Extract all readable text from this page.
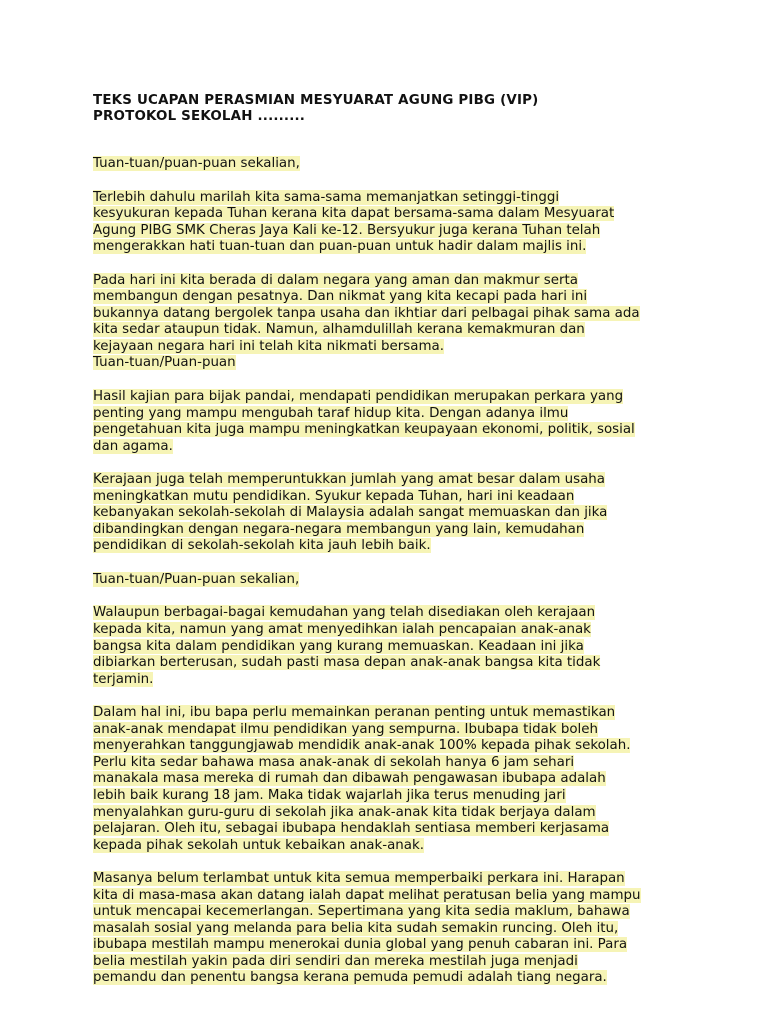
TEKS UCAPAN PERASMIAN MESYUARAT AGUNG PIBG (VIP)
PROTOKOL SEKOLAH .........

Tuan-tuan/puan-puan sekalian,

Terlebih dahulu marilah kita sama-sama memanjatkan setinggi-tinggi
kesyukuran kepada Tuhan kerana kita dapat bersama-sama dalam Mesyuarat
Agung PIBG SMK Cheras Jaya Kali ke-12. Bersyukur juga kerana Tuhan telah
mengerakkan hati tuan-tuan dan puan-puan untuk hadir dalam majlis ini.

Pada hari ini kita berada di dalam negara yang aman dan makmur serta
membangun dengan pesatnya. Dan nikmat yang kita kecapi pada hari ini
bukannya datang bergolek tanpa usaha dan ikhtiar dari pelbagai pihak sama ada
kita sedar ataupun tidak. Namun, alhamdulillah kerana kemakmuran dan
kejayaan negara hari ini telah kita nikmati bersama.

Tuan-tuan/Puan-puan

Hasil kajian para bijak pandai, mendapati pendidikan merupakan perkara yang
penting yang mampu mengubah taraf hidup kita. Dengan adanya ilmu
pengetahuan kita juga mampu meningkatkan keupayaan ekonomi, politik, sosial
dan agama.

Kerajaan juga telah memperuntukkan jumlah yang amat besar dalam usaha
meningkatkan mutu pendidikan. Syukur kepada Tuhan, hari ini keadaan
kebanyakan sekolah-sekolah di Malaysia adalah sangat memuaskan dan jika
dibandingkan dengan negara-negara membangun yang lain, kemudahan
pendidikan di sekolah-sekolah kita jauh lebih baik.

Tuan-tuan/Puan-puan sekalian,

Walaupun berbagai-bagai kemudahan yang telah disediakan oleh kerajaan
kepada kita, namun yang amat menyedihkan ialah pencapaian anak-anak
bangsa kita dalam pendidikan yang kurang memuaskan. Keadaan ini jika
dibiarkan berterusan, sudah pasti masa depan anak-anak bangsa kita tidak
terjamin.

Dalam hal ini, ibu bapa perlu memainkan peranan penting untuk memastikan
anak-anak mendapat ilmu pendidikan yang sempurna. Ibubapa tidak boleh
menyerahkan tanggungjawab mendidik anak-anak 100% kepada pihak sekolah.
Perlu kita sedar bahawa masa anak-anak di sekolah hanya 6 jam sehari
manakala masa mereka di rumah dan dibawah pengawasan ibubapa adalah
lebih baik kurang 18 jam. Maka tidak wajarlah jika terus menuding jari
menyalahkan guru-guru di sekolah jika anak-anak kita tidak berjaya dalam
pelajaran. Oleh itu, sebagai ibubapa hendaklah sentiasa memberi kerjasama
kepada pihak sekolah untuk kebaikan anak-anak.

Masanya belum terlambat untuk kita semua memperbaiki perkara ini. Harapan
kita di masa-masa akan datang ialah dapat melihat peratusan belia yang mampu
untuk mencapai kecemerlangan. Sepertimana yang kita sedia maklum, bahawa
masalah sosial yang melanda para belia kita sudah semakin runcing. Oleh itu,
ibubapa mestilah mampu menerokai dunia global yang penuh cabaran ini. Para
belia mestilah yakin pada diri sendiri dan mereka mestilah juga menjadi
pemandu dan penentu bangsa kerana pemuda pemudi adalah tiang negara.
